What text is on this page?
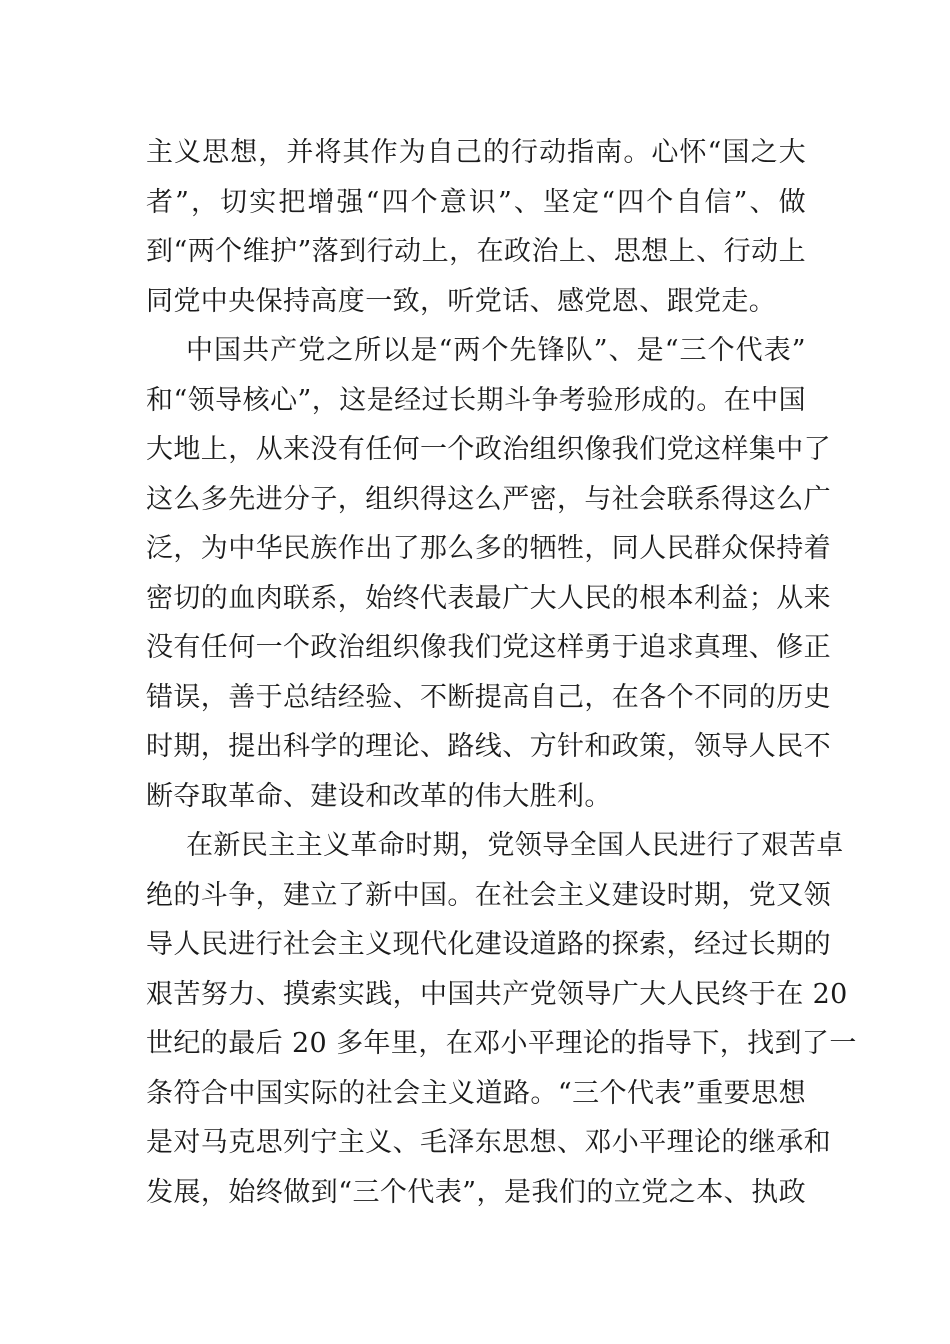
主义思想，并将其作为自己的行动指南。心怀“国之大
者”，切实把增强“四个意识”、坚定“四个自信”、做
到“两个维护”落到行动上，在政治上、思想上、行动上
同党中央保持高度一致，听党话、感党恩、跟党走。
中国共产党之所以是“两个先锋队”、是“三个代表”
和“领导核心”，这是经过长期斗争考验形成的。在中国
大地上，从来没有任何一个政治组织像我们党这样集中了
这么多先进分子，组织得这么严密，与社会联系得这么广
泛，为中华民族作出了那么多的牺牲，同人民群众保持着
密切的血肉联系，始终代表最广大人民的根本利益；从来
没有任何一个政治组织像我们党这样勇于追求真理、修正
错误，善于总结经验、不断提高自己，在各个不同的历史
时期，提出科学的理论、路线、方针和政策，领导人民不
断夺取革命、建设和改革的伟大胜利。
在新民主主义革命时期，党领导全国人民进行了艰苦卓
绝的斗争，建立了新中国。在社会主义建设时期，党又领
导人民进行社会主义现代化建设道路的探索，经过长期的
艰苦努力、摸索实践，中国共产党领导广大人民终于在 20
世纪的最后 20 多年里，在邓小平理论的指导下，找到了一
条符合中国实际的社会主义道路。“三个代表”重要思想
是对马克思列宁主义、毛泽东思想、邓小平理论的继承和
发展，始终做到“三个代表”，是我们的立党之本、执政
